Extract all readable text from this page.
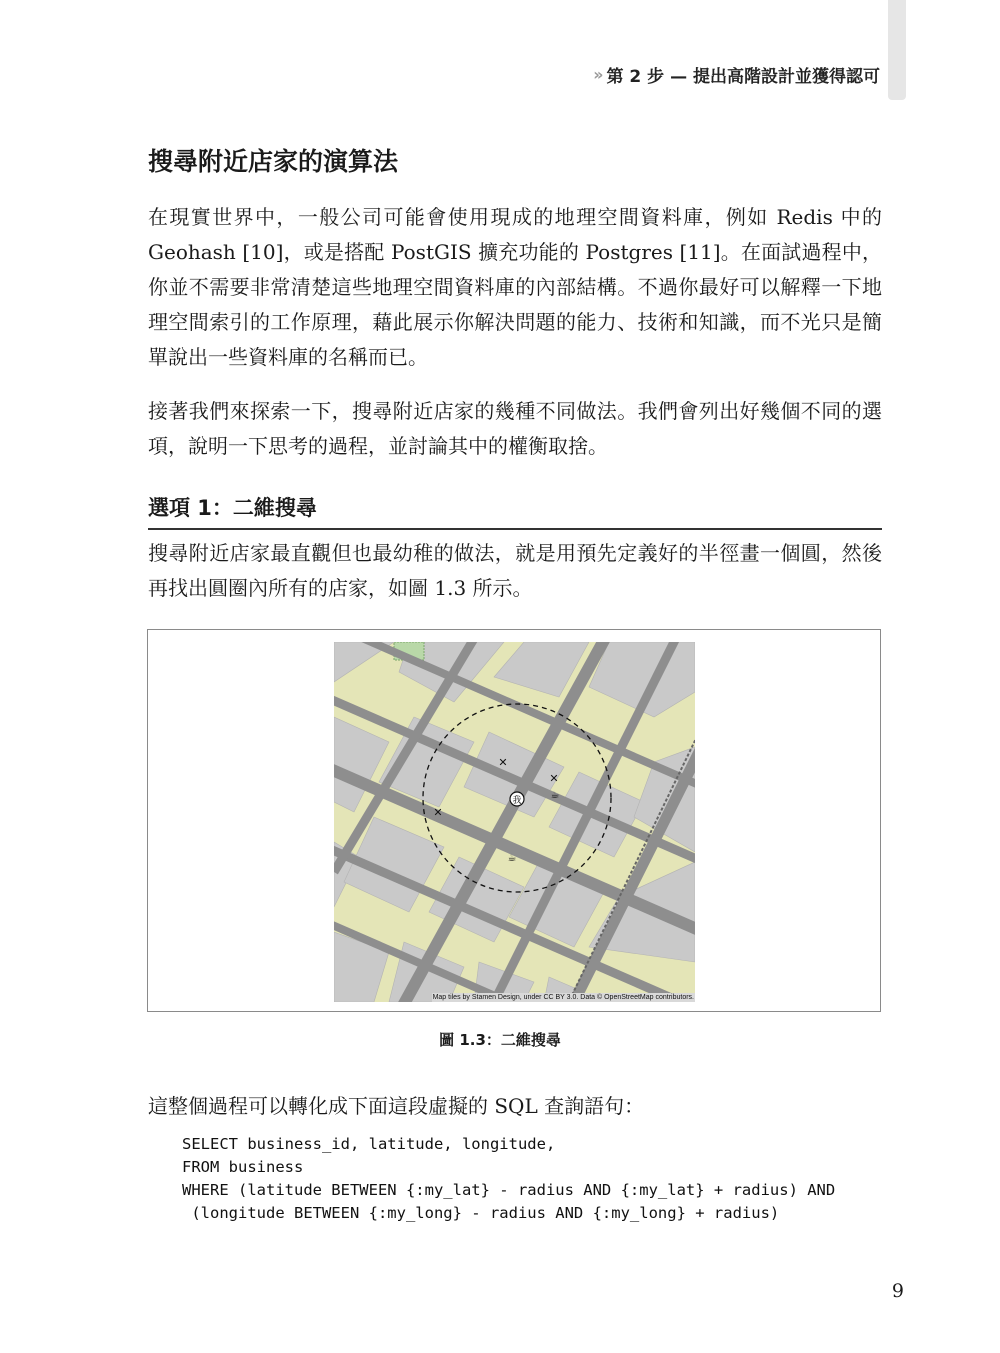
›› 第 2 步 — 提出高階設計並獲得認可
搜尋附近店家的演算法

在現實世界中，一般公司可能會使用現成的地理空間資料庫，例如 Redis 中的 Geohash [10]，或是搭配 PostGIS 擴充功能的 Postgres [11]。在面試過程中，你並不需要非常清楚這些地理空間資料庫的內部結構。不過你最好可以解釋一下地理空間索引的工作原理，藉此展示你解決問題的能力、技術和知識，而不光只是簡單說出一些資料庫的名稱而已。

接著我們來探索一下，搜尋附近店家的幾種不同做法。我們會列出好幾個不同的選項，說明一下思考的過程，並討論其中的權衡取捨。

選項 1：二維搜尋

搜尋附近店家最直觀但也最幼稚的做法，就是用預先定義好的半徑畫一個圓，然後再找出圓圈內所有的店家，如圖 1.3 所示。

我
✕
✕
✕
☕
☕
Map tiles by Stamen Design, under CC BY 3.0. Data © OpenStreetMap contributors.

圖 1.3：二維搜尋

這整個過程可以轉化成下面這段虛擬的 SQL 查詢語句：

SELECT business_id, latitude, longitude,
FROM business
WHERE (latitude BETWEEN {:my_lat} - radius AND {:my_lat} + radius) AND
(longitude BETWEEN {:my_long} - radius AND {:my_long} + radius)

9
